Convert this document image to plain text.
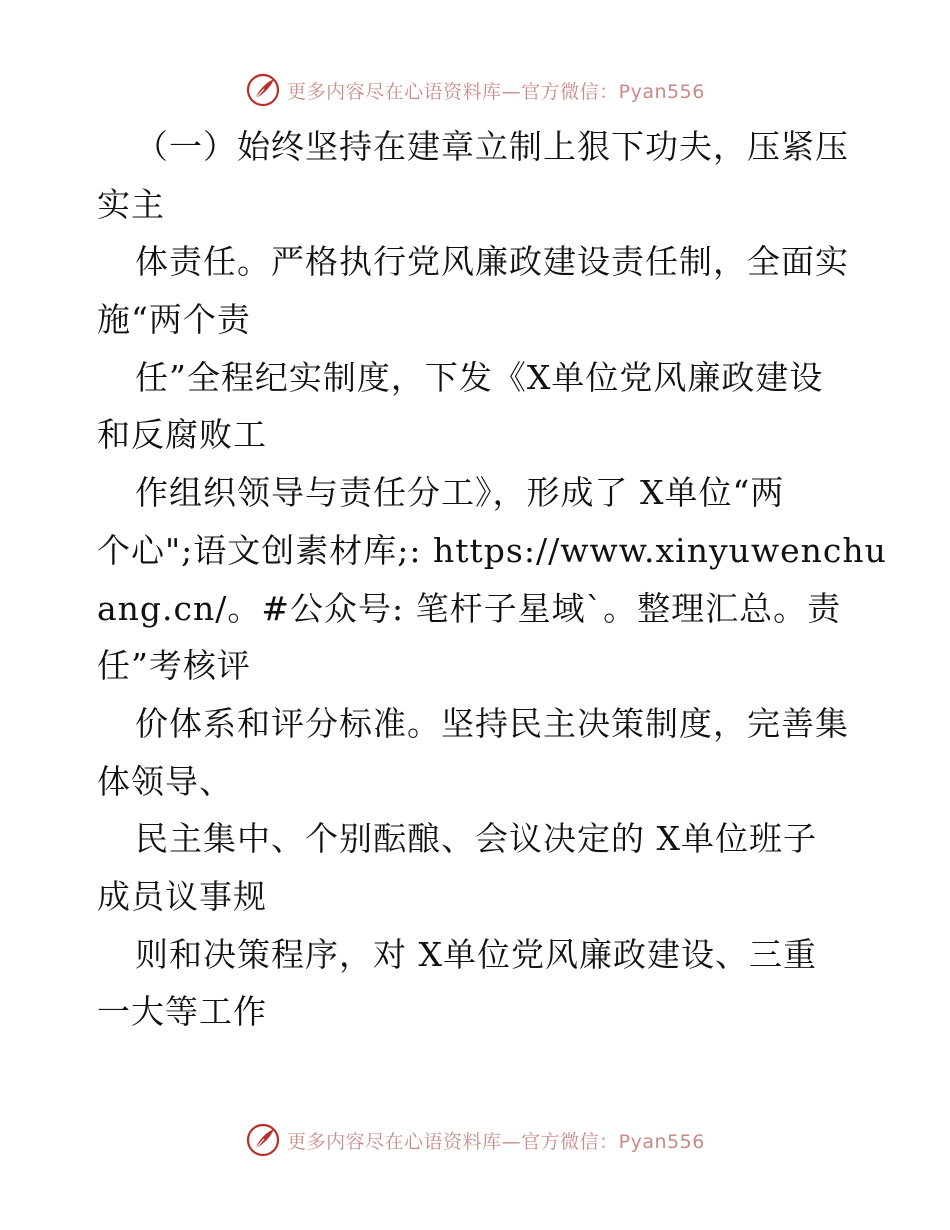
更多内容尽在心语资料库—官方微信：Pyan556
（一）始终坚持在建章立制上狠下功夫，压紧压
实主
体责任。严格执行党风廉政建设责任制，全面实
施“两个责
任”全程纪实制度，下发《X单位党风廉政建设
和反腐败工
作组织领导与责任分工》，形成了 X单位“两
个心";语文创素材库;: https://www.xinyuwenchu
ang.cn/。#公众号: 笔杆子星域`。整理汇总。责
任”考核评
价体系和评分标准。坚持民主决策制度，完善集
体领导、
民主集中、个别酝酿、会议决定的 X单位班子
成员议事规
则和决策程序，对 X单位党风廉政建设、三重
一大等工作
更多内容尽在心语资料库—官方微信：Pyan556
